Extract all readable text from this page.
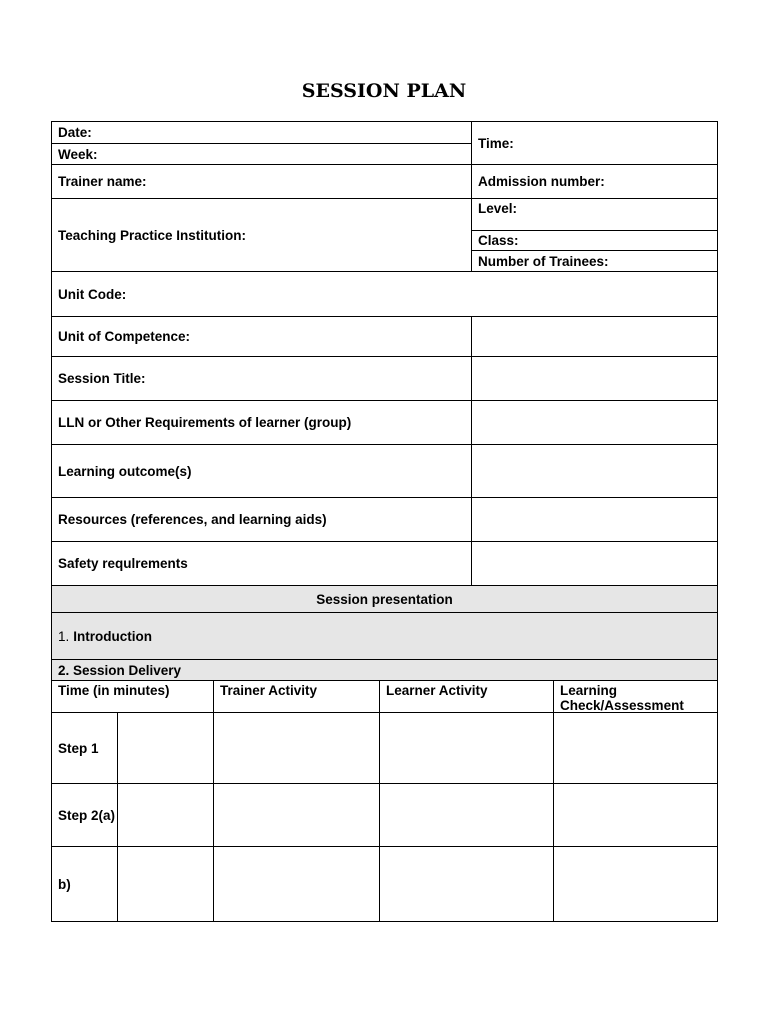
SESSION PLAN
Date:
Week:
Time:
Trainer name:	Admission number:
Teaching Practice Institution:
Level:
Class:
Number of Trainees:
Unit Code:
Unit of Competence:
Session Title:
LLN or Other Requirements of learner (group)
Learning outcome(s)
Resources (references, and learning aids)
Safety requlrements
Session presentation
1. Introduction
2. Session Delivery
Time (in minutes)	Trainer Activity	Learner Activity	Learning Check/Assessment
Step 1
Step 2(a)
b)
